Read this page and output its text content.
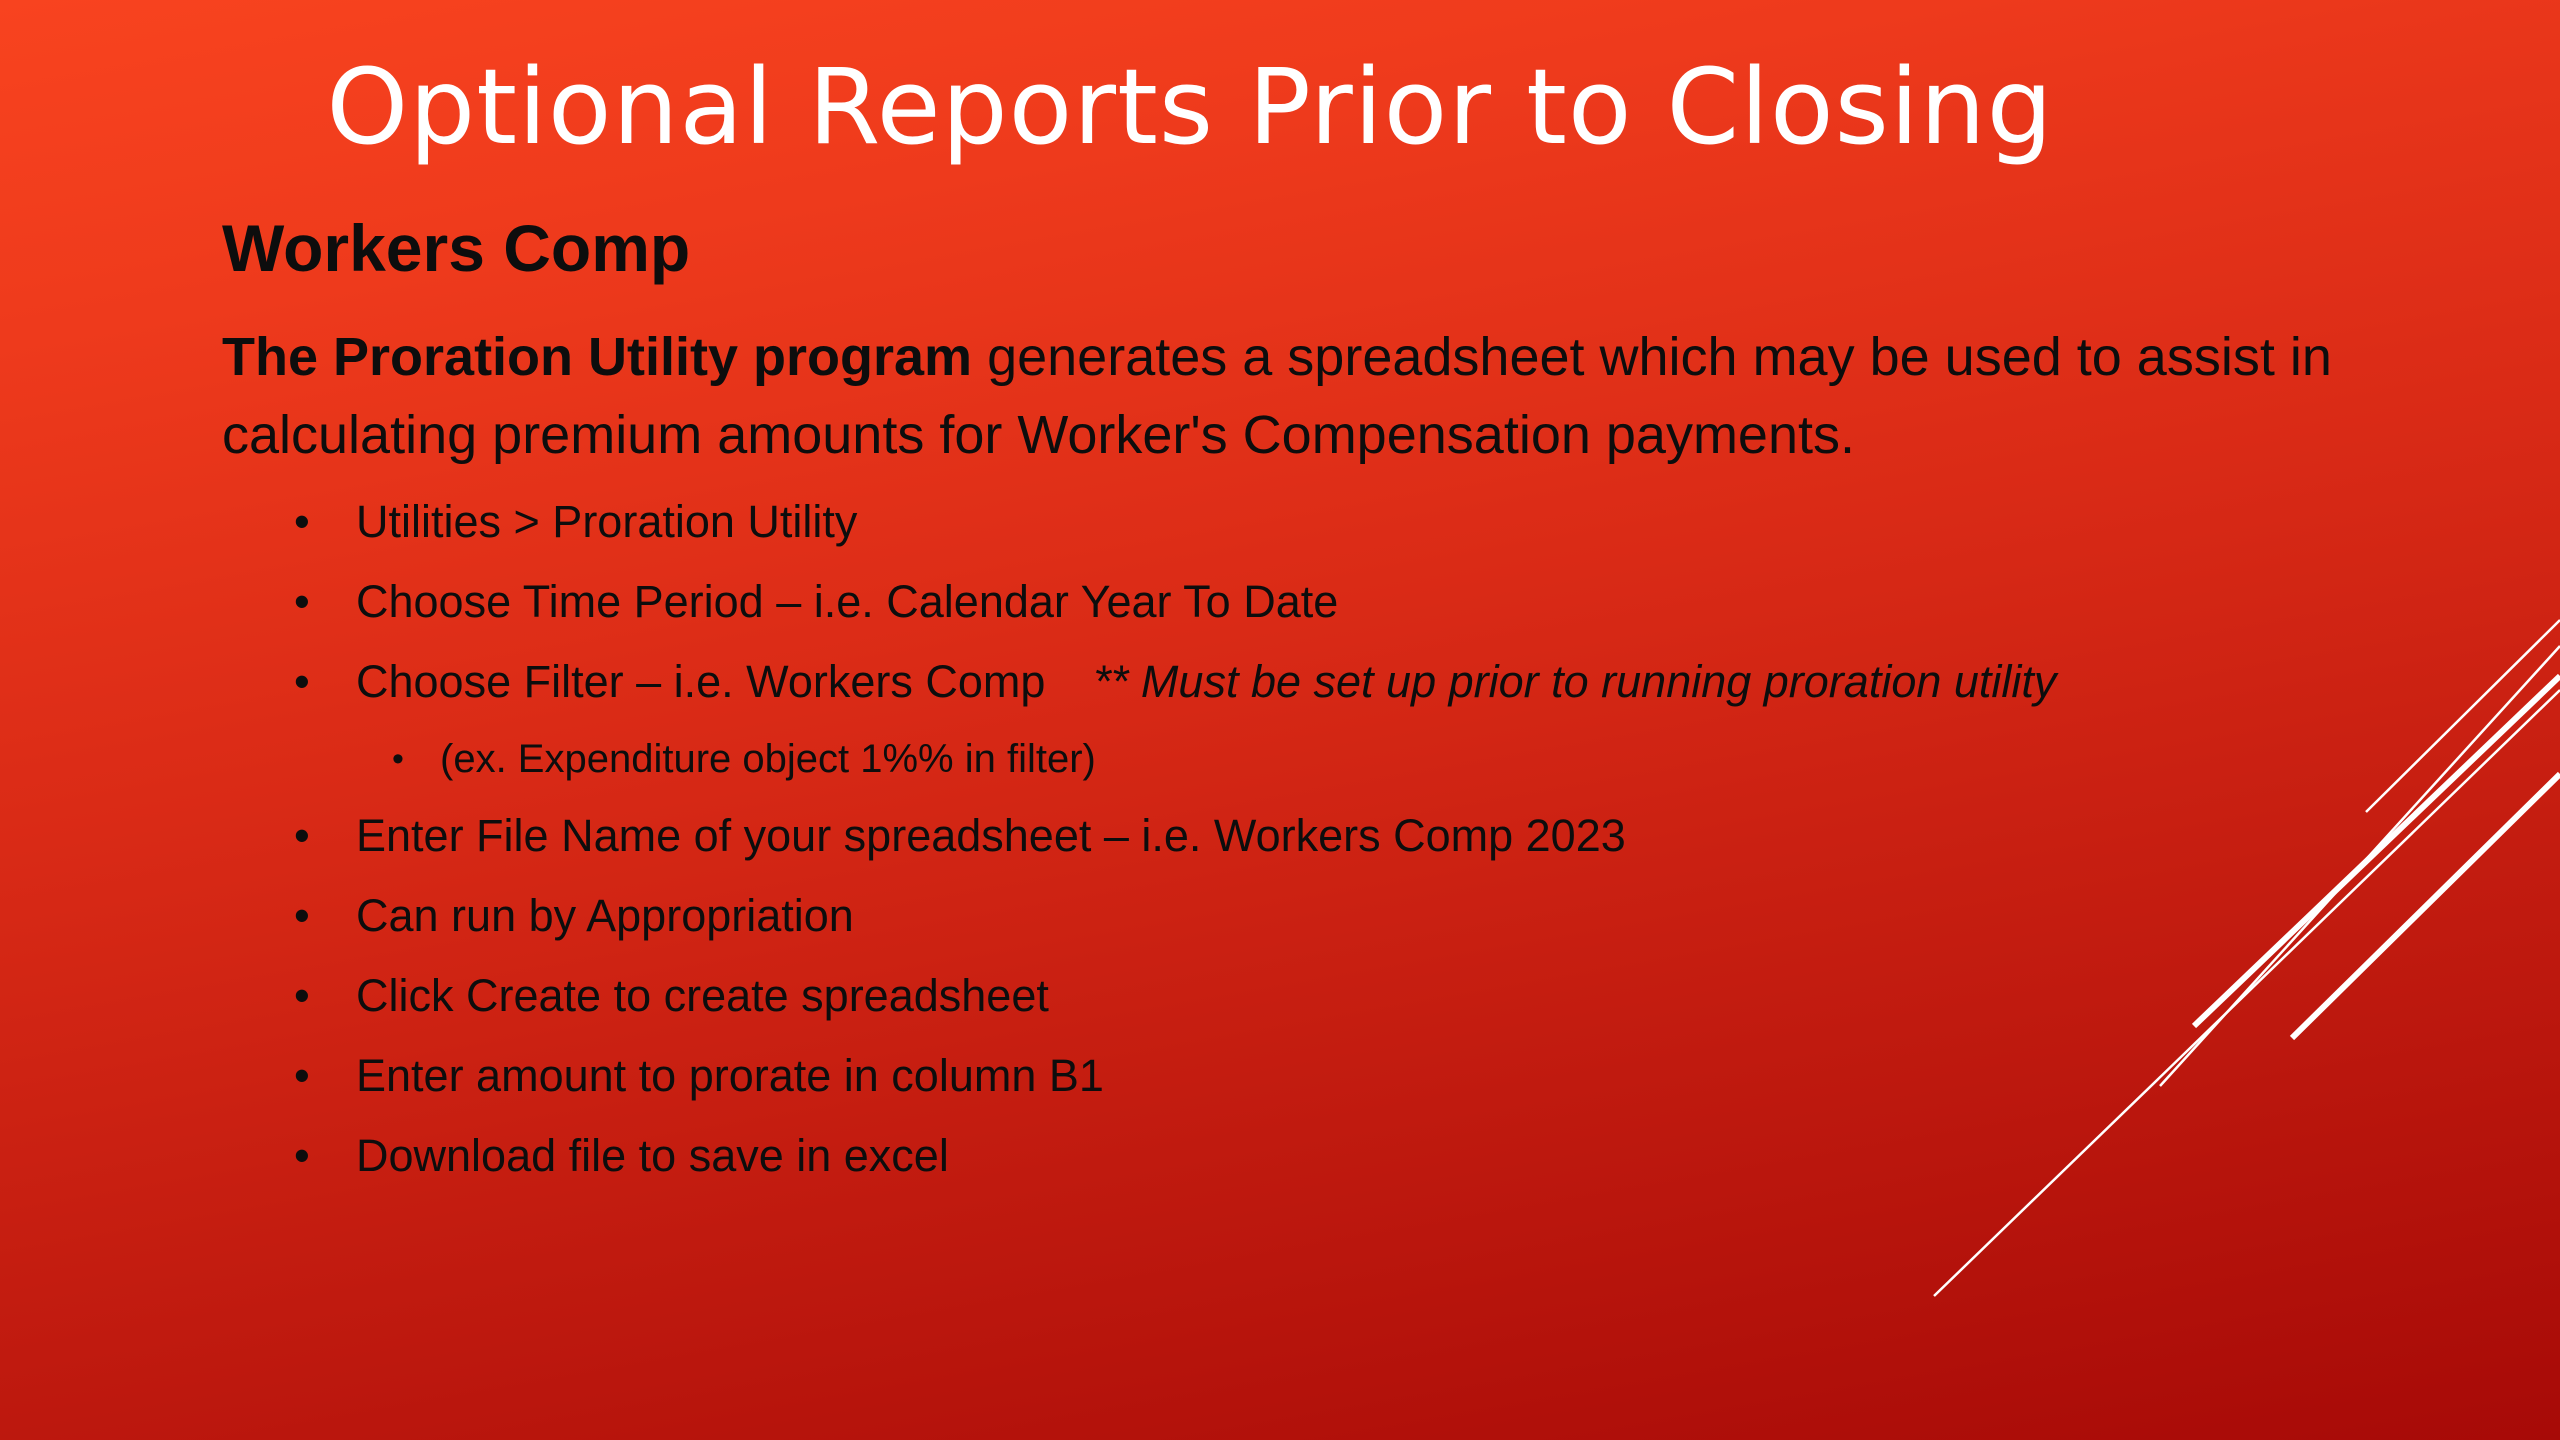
Optional Reports Prior to Closing
Workers Comp

The Proration Utility program generates a spreadsheet which may be used to assist in calculating premium amounts for Worker's Compensation payments.

• Utilities > Proration Utility
• Choose Time Period – i.e. Calendar Year To Date
• Choose Filter – i.e. Workers Comp ** Must be set up prior to running proration utility
• (ex. Expenditure object 1%% in filter)
• Enter File Name of your spreadsheet – i.e. Workers Comp 2023
• Can run by Appropriation
• Click Create to create spreadsheet
• Enter amount to prorate in column B1
• Download file to save in excel
